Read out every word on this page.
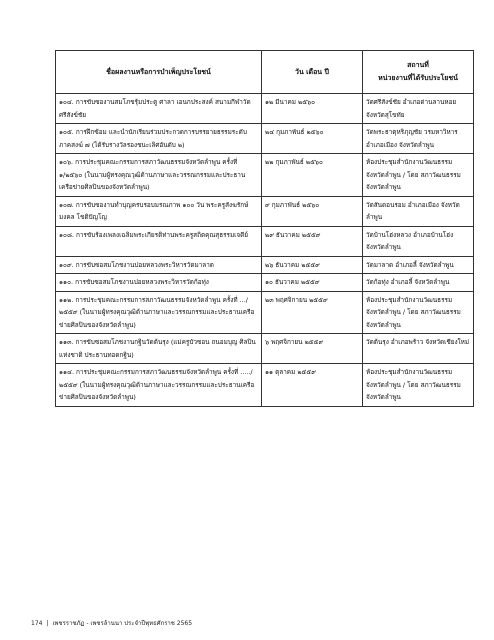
ชื่อผลงานหรือการบำเพ็ญประโยชน์	วัน เดือน ปี	สถานที่
หน่วยงานที่ได้รับประโยชน์

๑๐๔. การขับซองานสมโภชรุ้มประตู ศาลา เอนกประสงค์ สนามกีฬาวัดศรีสังข์ชัย	๑๒ มีนาคม ๒๕๖๐	วัดศรีสังข์ชัย อำเภอด่านลานหอย จังหวัดสุโขทัย
๑๐๕. การฝึกซ้อม และนำนักเรียนร่วมประกวดการบรรยายธรรมระดับภาคสงฆ์ ๗ (ได้รับรางวัลรองชนะเลิศอันดับ ๒)	๒๔ กุมภาพันธ์ ๒๕๖๐	วัดพระธาตุหริภุญชัย วรมหาวิหาร อำเภอเมือง จังหวัดลำพูน
๑๐๖. การประชุมคณะกรรมการสภาวัฒนธรรมจังหวัดลำพูน ครั้งที่ ๑/๒๕๖๐ (ในนามผู้ทรงคุณวุฒิด้านภาษาและวรรณกรรมและประธานเครือข่ายศิลปินของจังหวัดลำพูน)	๒๒ กุมภาพันธ์ ๒๕๖๐	ห้องประชุมสำนักงานวัฒนธรรมจังหวัดลำพูน / โดย สภาวัฒนธรรมจังหวัดลำพูน
๑๐๗. การขับซองานทำบุญครบรอบมรณภาพ ๑๐๐ วัน พระครูสังฆรักษ์มงคล โชติปัญโญ	๙ กุมภาพันธ์ ๒๕๖๐	วัดสันดอนรอม อำเภอเมือง จังหวัดลำพูน
๑๐๘. การขับร้องเพลงเฉลิมพระเกียรติท่านพระครูสถิตคุณสุธรรมเจดีย์	๒๙ ธันวาคม ๒๕๕๙	วัดบ้านโฮ่งหลวง อำเภอบ้านโฮ่ง จังหวัดลำพูน
๑๐๙. การขับซอสมโภชงานปอยหลวงพระวิหารวัดมาลาด	๒๖ ธันวาคม ๒๕๕๙	วัดมาลาด อำเภอลี้ จังหวัดลำพูน
๑๑๐. การขับซอสมโภชงานปอยหลวงพระวิหารวัดก้อทุ่ง	๑๐ ธันวาคม ๒๕๕๙	วัดก้อทุ่ง อำเภอลี้ จังหวัดลำพูน
๑๑๒. การประชุมคณะกรรมการสภาวัฒนธรรมจังหวัดลำพูน ครั้งที่ .../๒๕๕๙ (ในนามผู้ทรงคุณวุฒิด้านภาษาและวรรณกรรมและประธานเครือข่ายศิลปินของจังหวัดลำพูน)	๒๓ พฤศจิกายน ๒๕๕๙	ห้องประชุมสำนักงานวัฒนธรรมจังหวัดลำพูน / โดย สภาวัฒนธรรมจังหวัดลำพูน
๑๑๓. การขับซอสมโภชงานกฐินวัดต้นรุง (แม่ครูบัวซอน ถนอมบุญ ศิลปินแห่งชาติ ประธานทอดกฐิน)	๖ พฤศจิกายน ๒๕๕๙	วัดต้นรุง อำเภอพร้าว จังหวัดเชียงใหม่
๑๑๔. การประชุมคณะกรรมการสภาวัฒนธรรมจังหวัดลำพูน ครั้งที่ ...../๒๕๕๙ (ในนามผู้ทรงคุณวุฒิด้านภาษาและวรรณกรรมและประธานเครือข่ายศิลปินของจังหวัดลำพูน)	๑๑ ตุลาคม ๒๕๕๙	ห้องประชุมสำนักงานวัฒนธรรมจังหวัดลำพูน / โดย สภาวัฒนธรรมจังหวัดลำพูน
174 | เพชรราชภัฏ - เพชรล้านนา ประจำปีพุทธศักราช 2565
